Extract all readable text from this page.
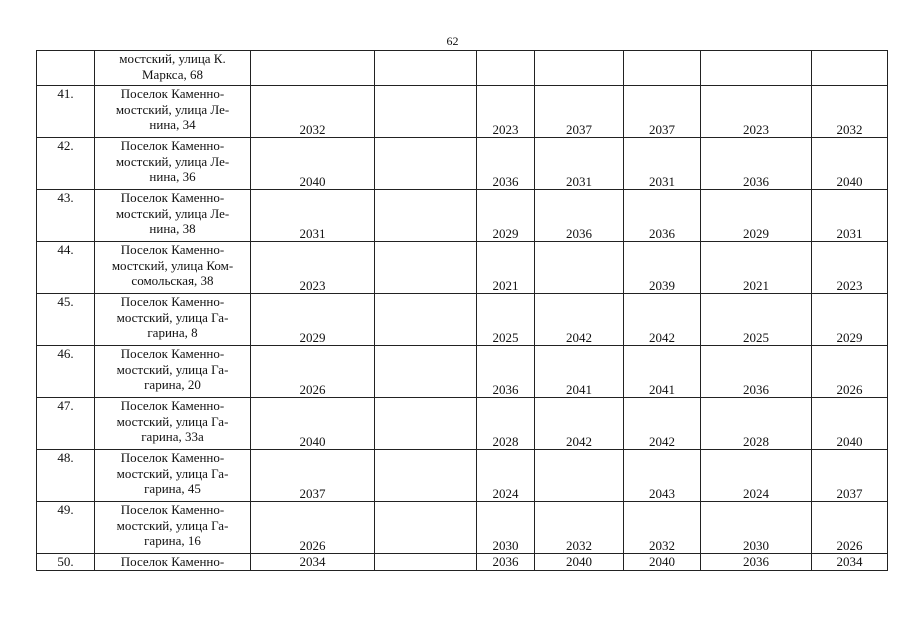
62

	мостский, улица К.
Маркса, 68							

41.	Поселок Каменно-
мостский, улица Ле-
нина, 34	2032		2023	2037	2037	2023	2032
42.	Поселок Каменно-
мостский, улица Ле-
нина, 36	2040		2036	2031	2031	2036	2040
43.	Поселок Каменно-
мостский, улица Ле-
нина, 38	2031		2029	2036	2036	2029	2031
44.	Поселок Каменно-
мостский, улица Ком-
сомольская, 38	2023		2021		2039	2021	2023
45.	Поселок Каменно-
мостский, улица Га-
гарина, 8	2029		2025	2042	2042	2025	2029
46.	Поселок Каменно-
мостский, улица Га-
гарина, 20	2026		2036	2041	2041	2036	2026
47.	Поселок Каменно-
мостский, улица Га-
гарина, 33а	2040		2028	2042	2042	2028	2040
48.	Поселок Каменно-
мостский, улица Га-
гарина, 45	2037		2024		2043	2024	2037
49.	Поселок Каменно-
мостский, улица Га-
гарина, 16	2026		2030	2032	2032	2030	2026
50.	Поселок Каменно-	2034		2036	2040	2040	2036	2034
